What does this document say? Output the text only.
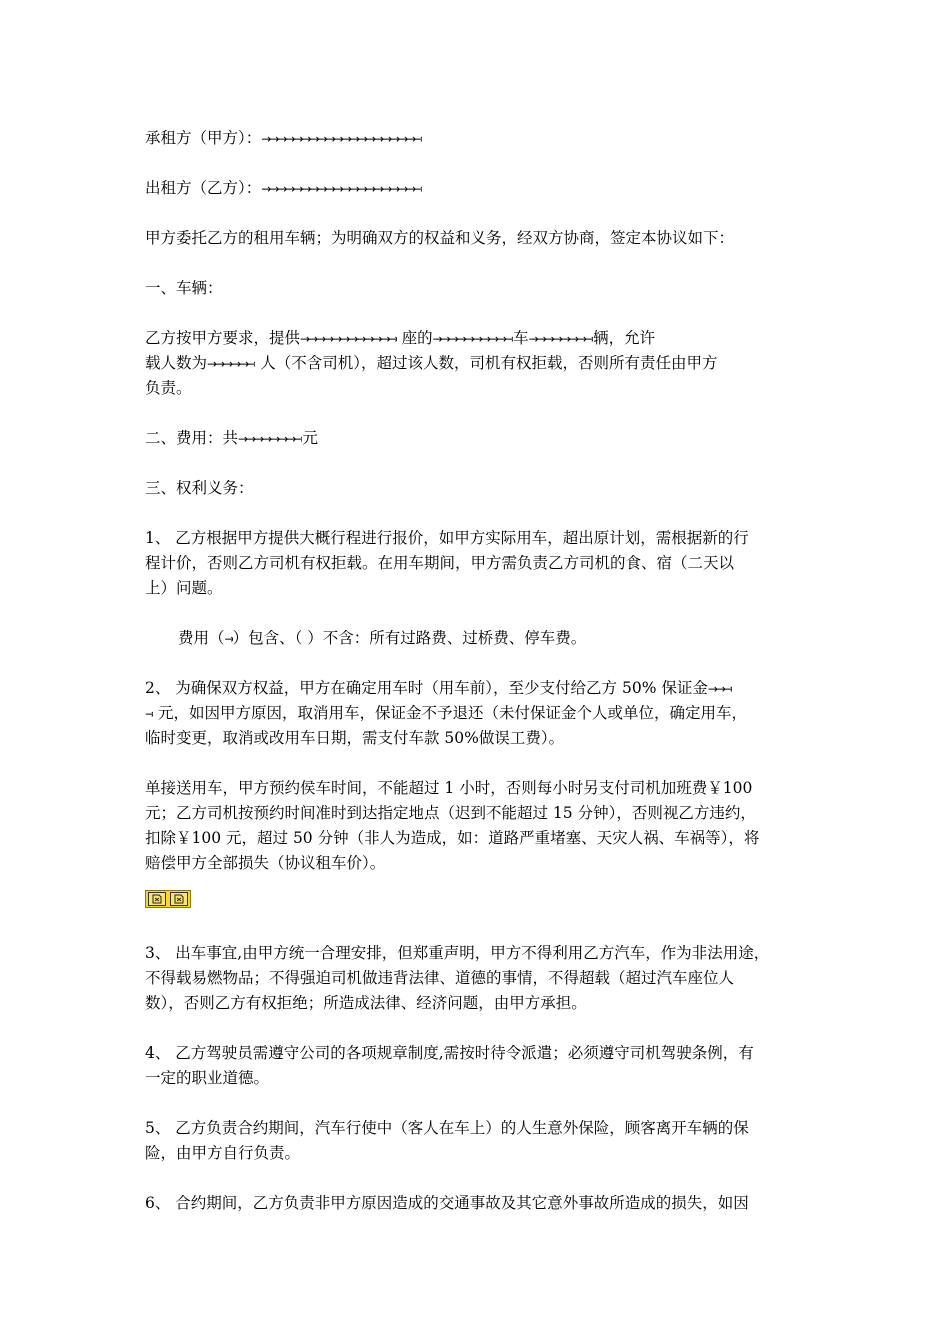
承租方（甲方）：→→→→→→→→→→→→→→→→→→→→
出租方（乙方）：→→→→→→→→→→→→→→→→→→→→
甲方委托乙方的租用车辆；为明确双方的权益和义务，经双方协商，签定本协议如下：
一、车辆：
乙方按甲方要求，提供→→→→→→→→→→→→ 座的→→→→→→→→→→车→→→→→→→→辆，允许
载人数为→→→→→→ 人（不含司机），超过该人数，司机有权拒载，否则所有责任由甲方
负责。
二、费用：共→→→→→→→→元
三、权利义务：
1、 乙方根据甲方提供大概行程进行报价，如甲方实际用车，超出原计划，需根据新的行
程计价，否则乙方司机有权拒载。在用车期间，甲方需负责乙方司机的食、宿（二天以
上）问题。
费用（→）包含、（ ）不含：所有过路费、过桥费、停车费。
2、 为确保双方权益，甲方在确定用车时（用车前），至少支付给乙方 50% 保证金→→→
→ 元，如因甲方原因，取消用车，保证金不予退还（未付保证金个人或单位，确定用车，
临时变更，取消或改用车日期，需支付车款 50%做误工费）。
单接送用车，甲方预约侯车时间，不能超过 1 小时，否则每小时另支付司机加班费￥100
元；乙方司机按预约时间准时到达指定地点（迟到不能超过 15 分钟），否则视乙方违约，
扣除￥100 元，超过 50 分钟（非人为造成，如：道路严重堵塞、天灾人祸、车祸等），将
赔偿甲方全部损失（协议租车价）。
3、 出车事宜,由甲方统一合理安排，但郑重声明，甲方不得利用乙方汽车，作为非法用途，
不得载易燃物品；不得强迫司机做违背法律、道德的事情，不得超载（超过汽车座位人
数），否则乙方有权拒绝；所造成法律、经济问题，由甲方承担。
4、 乙方驾驶员需遵守公司的各项规章制度,需按时待令派遣；必须遵守司机驾驶条例，有
一定的职业道德。
5、 乙方负责合约期间，汽车行使中（客人在车上）的人生意外保险，顾客离开车辆的保
险，由甲方自行负责。
6、 合约期间，乙方负责非甲方原因造成的交通事故及其它意外事故所造成的损失，如因
